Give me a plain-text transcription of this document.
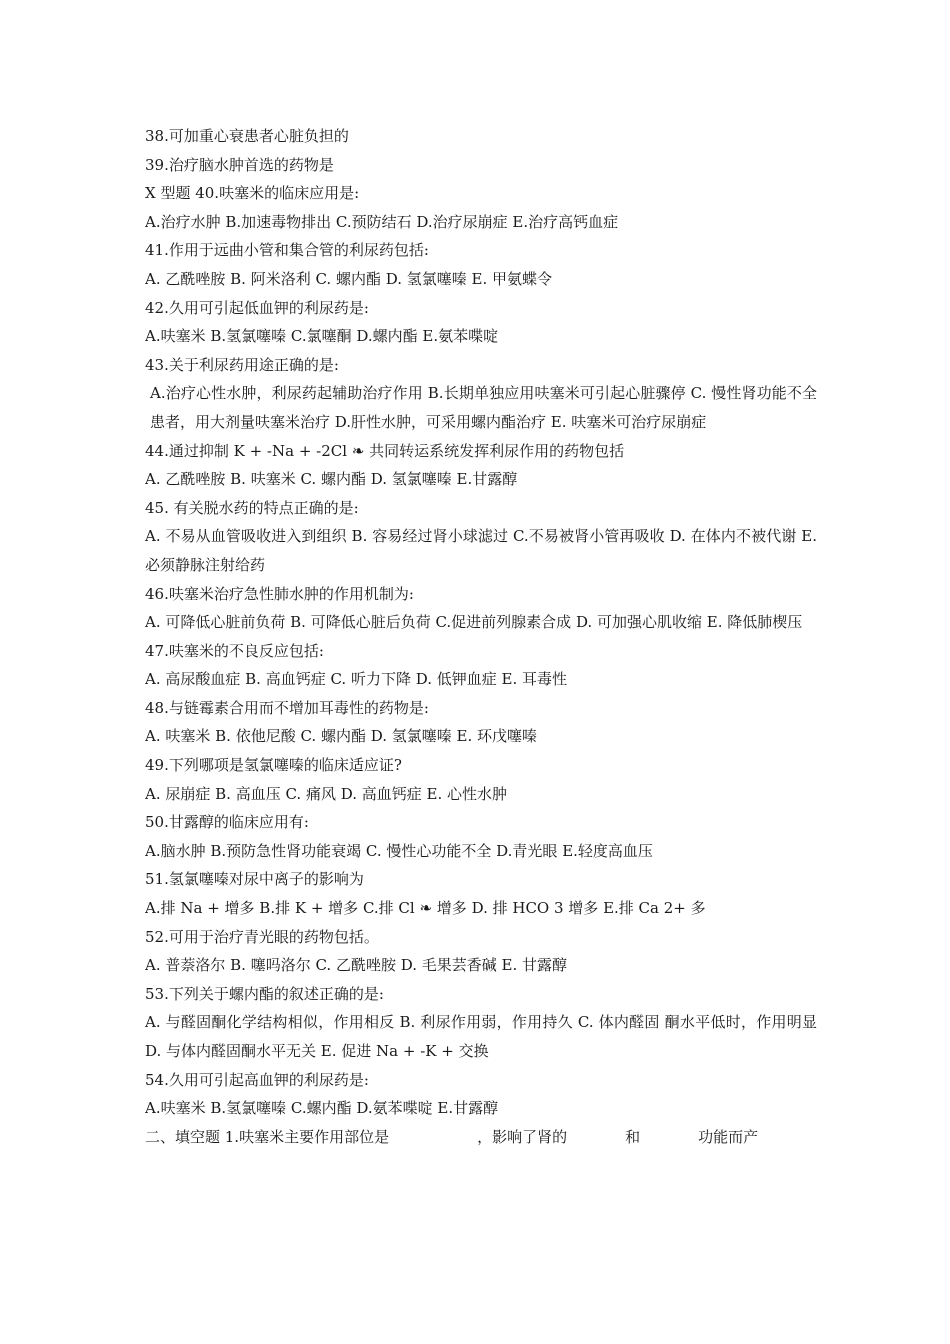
38.可加重心衰患者心脏负担的
39.治疗脑水肿首选的药物是
X 型题 40.呋塞米的临床应用是:
A.治疗水肿 B.加速毒物排出 C.预防结石 D.治疗尿崩症 E.治疗高钙血症
41.作用于远曲小管和集合管的利尿药包括:
A. 乙酰唑胺 B. 阿米洛利 C. 螺内酯 D. 氢氯噻嗪 E. 甲氨蝶令
42.久用可引起低血钾的利尿药是:
A.呋塞米 B.氢氯噻嗪 C.氯噻酮 D.螺内酯 E.氨苯喋啶
43.关于利尿药用途正确的是:
A.治疗心性水肿，利尿药起辅助治疗作用 B.长期单独应用呋塞米可引起心脏骤停 C. 慢性肾功能不全患者，用大剂量呋塞米治疗 D.肝性水肿，可采用螺内酯治疗 E. 呋塞米可治疗尿崩症
44.通过抑制 K + -Na + -2Cl ❧ 共同转运系统发挥利尿作用的药物包括
A. 乙酰唑胺 B. 呋塞米 C. 螺内酯 D. 氢氯噻嗪 E.甘露醇
45. 有关脱水药的特点正确的是:
A. 不易从血管吸收进入到组织 B. 容易经过肾小球滤过 C.不易被肾小管再吸收 D. 在体内不被代谢 E. 必须静脉注射给药
46.呋塞米治疗急性肺水肿的作用机制为:
A. 可降低心脏前负荷 B. 可降低心脏后负荷 C.促进前列腺素合成 D. 可加强心肌收缩 E. 降低肺楔压
47.呋塞米的不良反应包括:
A. 高尿酸血症 B. 高血钙症 C. 听力下降 D. 低钾血症 E. 耳毒性
48.与链霉素合用而不增加耳毒性的药物是:
A. 呋塞米 B. 依他尼酸 C. 螺内酯 D. 氢氯噻嗪 E. 环戊噻嗪
49.下列哪项是氢氯噻嗪的临床适应证?
A. 尿崩症 B. 高血压 C. 痛风 D. 高血钙症 E. 心性水肿
50.甘露醇的临床应用有:
A.脑水肿 B.预防急性肾功能衰竭 C. 慢性心功能不全 D.青光眼 E.轻度高血压
51.氢氯噻嗪对尿中离子的影响为
A.排 Na + 增多 B.排 K + 增多 C.排 Cl ❧ 增多 D. 排 HCO 3 增多 E.排 Ca 2+ 多
52.可用于治疗青光眼的药物包括。
A. 普萘洛尔 B. 噻吗洛尔 C. 乙酰唑胺 D. 毛果芸香碱 E. 甘露醇
53.下列关于螺内酯的叙述正确的是:
A. 与醛固酮化学结构相似，作用相反 B. 利尿作用弱，作用持久 C. 体内醛固 酮水平低时，作用明显 D. 与体内醛固酮水平无关 E. 促进 Na + -K + 交换
54.久用可引起高血钾的利尿药是:
A.呋塞米 B.氢氯噻嗪 C.螺内酯 D.氨苯喋啶 E.甘露醇
二、填空题 1.呋塞米主要作用部位是	，影响了肾的	和	功能而产
